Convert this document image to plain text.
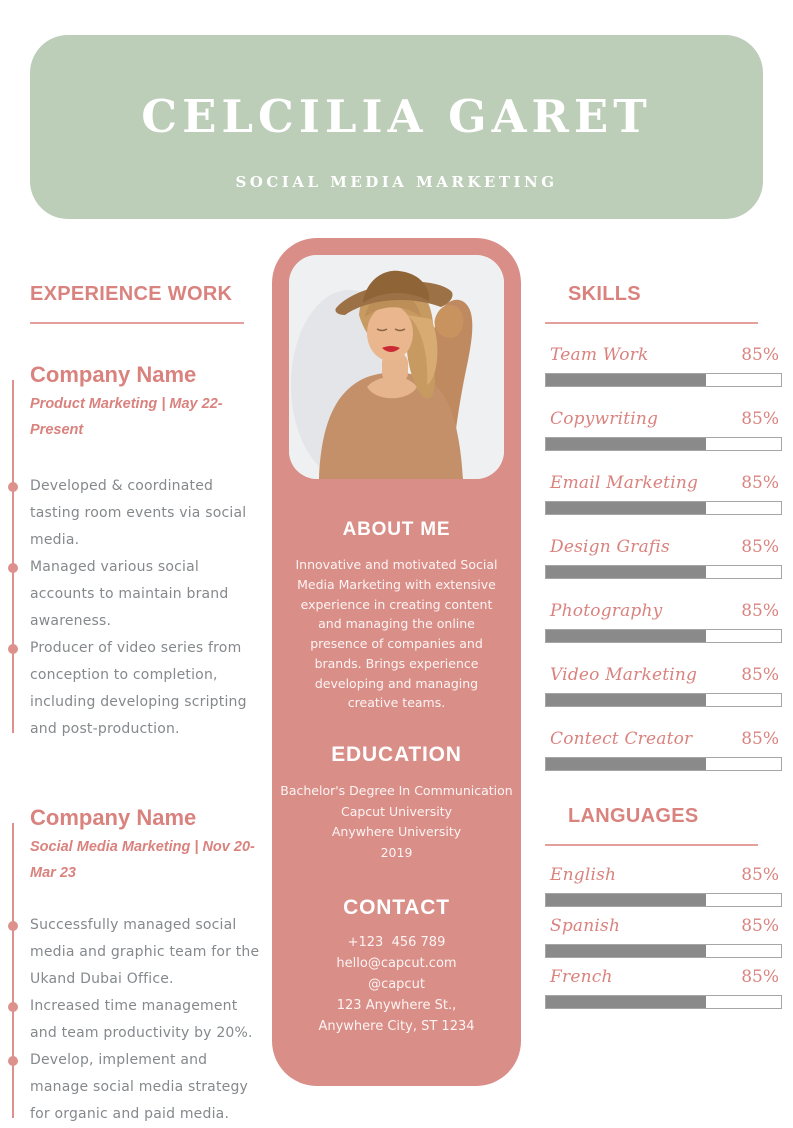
CELCILIA GARET
SOCIAL MEDIA MARKETING
EXPERIENCE WORK
Company Name
Product Marketing | May 22-Present
Developed & coordinated tasting room events via social media.
Managed various social accounts to maintain brand awareness.
Producer of video series from conception to completion, including developing scripting and post-production.
Company Name
Social Media Marketing | Nov 20-Mar 23
Successfully managed social media and graphic team for the Ukand Dubai Office.
Increased time management and team productivity by 20%.
Develop, implement and manage social media strategy for organic and paid media.
ABOUT ME
Innovative and motivated Social Media Marketing with extensive experience in creating content and managing the online presence of companies and brands. Brings experience developing and managing creative teams.
EDUCATION
Bachelor's Degree In Communication
Capcut University
Anywhere University
2019
CONTACT
+123  456 789
hello@capcut.com
@capcut
123 Anywhere St.,
Anywhere City, ST 1234
SKILLS
Team Work	85%
Copywriting	85%
Email Marketing	85%
Design Grafis	85%
Photography	85%
Video Marketing	85%
Contect Creator	85%
LANGUAGES
English	85%
Spanish	85%
French	85%
